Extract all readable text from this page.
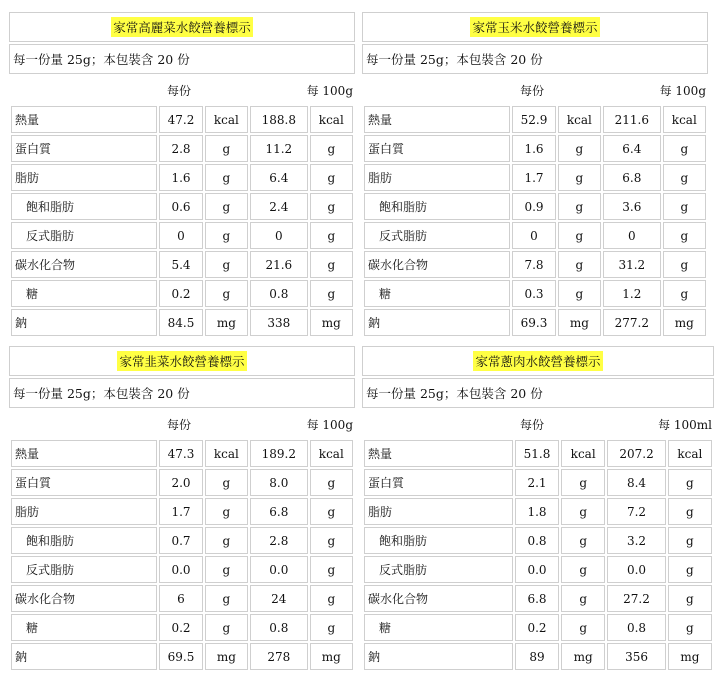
家常高麗菜水餃營養標示
每一份量 25g；本包裝含 20 份
每份	每 100g
熱量	47.2	kcal	188.8	kcal
蛋白質	2.8	g	11.2	g
脂肪	1.6	g	6.4	g
飽和脂肪	0.6	g	2.4	g
反式脂肪	0	g	0	g
碳水化合物	5.4	g	21.6	g
糖	0.2	g	0.8	g
鈉	84.5	mg	338	mg
家常玉米水餃營養標示
每一份量 25g；本包裝含 20 份
每份	每 100g
熱量	52.9	kcal	211.6	kcal
蛋白質	1.6	g	6.4	g
脂肪	1.7	g	6.8	g
飽和脂肪	0.9	g	3.6	g
反式脂肪	0	g	0	g
碳水化合物	7.8	g	31.2	g
糖	0.3	g	1.2	g
鈉	69.3	mg	277.2	mg
家常韭菜水餃營養標示
每一份量 25g；本包裝含 20 份
每份	每 100g
熱量	47.3	kcal	189.2	kcal
蛋白質	2.0	g	8.0	g
脂肪	1.7	g	6.8	g
飽和脂肪	0.7	g	2.8	g
反式脂肪	0.0	g	0.0	g
碳水化合物	6	g	24	g
糖	0.2	g	0.8	g
鈉	69.5	mg	278	mg
家常蔥肉水餃營養標示
每一份量 25g；本包裝含 20 份
每份	每 100ml
熱量	51.8	kcal	207.2	kcal
蛋白質	2.1	g	8.4	g
脂肪	1.8	g	7.2	g
飽和脂肪	0.8	g	3.2	g
反式脂肪	0.0	g	0.0	g
碳水化合物	6.8	g	27.2	g
糖	0.2	g	0.8	g
鈉	89	mg	356	mg
